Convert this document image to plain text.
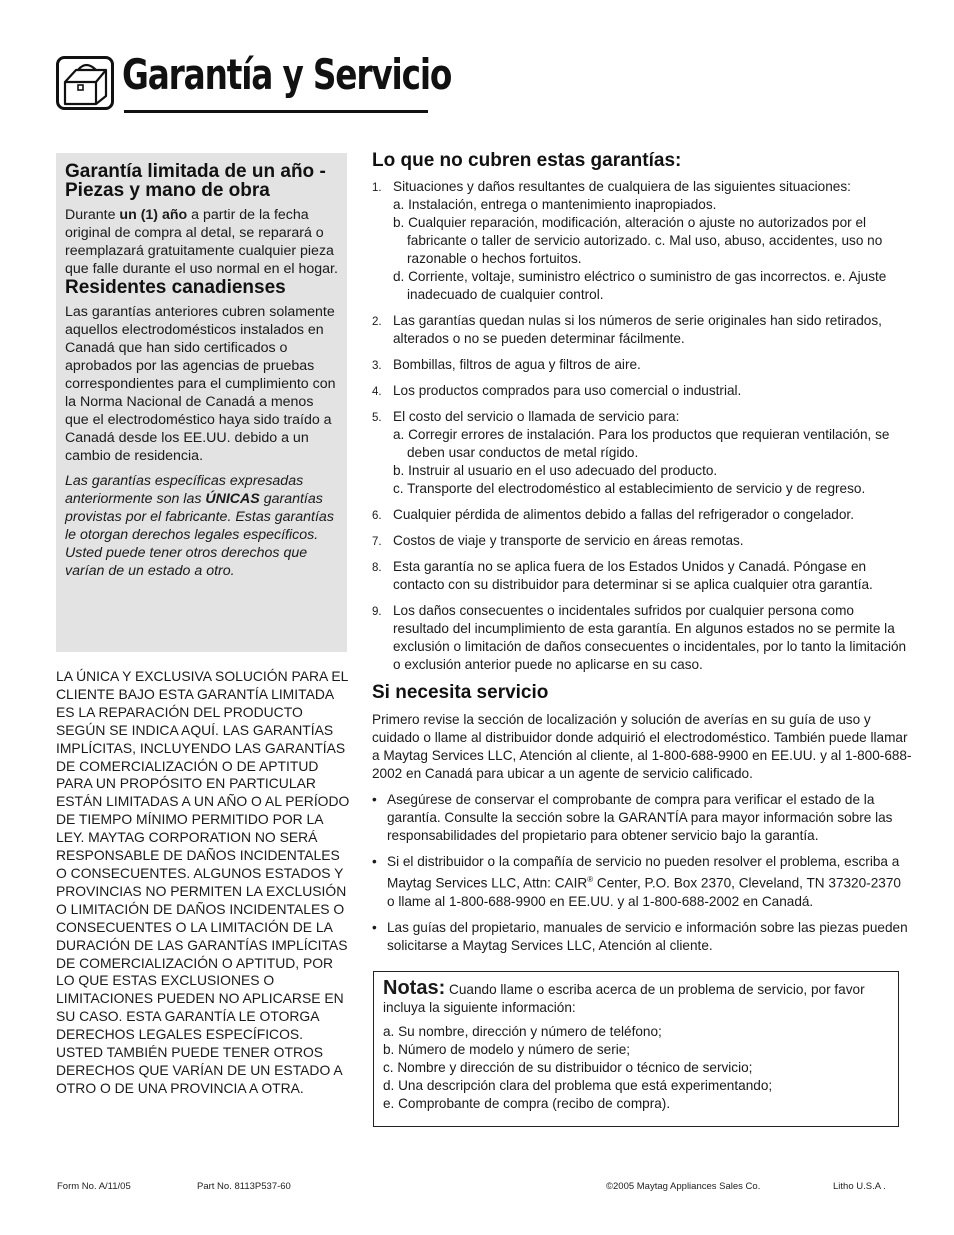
Garantía y Servicio
Garantía limitada de un año - Piezas y mano de obra

Durante un (1) año a partir de la fecha original de compra al detal, se reparará o reemplazará gratuitamente cualquier pieza que falle durante el uso normal en el hogar.

Residentes canadienses

Las garantías anteriores cubren solamente aquellos electrodomésticos instalados en Canadá que han sido certificados o aprobados por las agencias de pruebas correspondientes para el cumplimiento con la Norma Nacional de Canadá a menos que el electrodoméstico haya sido traído a Canadá desde los EE.UU. debido a un cambio de residencia.

Las garantías específicas expresadas anteriormente son las ÚNICAS garantías provistas por el fabricante. Estas garantías le otorgan derechos legales específicos. Usted puede tener otros derechos que varían de un estado a otro.

LA ÚNICA Y EXCLUSIVA SOLUCIÓN PARA EL CLIENTE BAJO ESTA GARANTÍA LIMITADA ES LA REPARACIÓN DEL PRODUCTO SEGÚN SE INDICA AQUÍ. LAS GARANTÍAS IMPLÍCITAS, INCLUYENDO LAS GARANTÍAS DE COMERCIALIZACIÓN O DE APTITUD PARA UN PROPÓSITO EN PARTICULAR ESTÁN LIMITADAS A UN AÑO O AL PERÍODO DE TIEMPO MÍNIMO PERMITIDO POR LA LEY. MAYTAG CORPORATION NO SERÁ RESPONSABLE DE DAÑOS INCIDENTALES O CONSECUENTES. ALGUNOS ESTADOS Y PROVINCIAS NO PERMITEN LA EXCLUSIÓN O LIMITACIÓN DE DAÑOS INCIDENTALES O CONSECUENTES O LA LIMITACIÓN DE LA DURACIÓN DE LAS GARANTÍAS IMPLÍCITAS DE COMERCIALIZACIÓN O APTITUD, POR LO QUE ESTAS EXCLUSIONES O LIMITACIONES PUEDEN NO APLICARSE EN SU CASO. ESTA GARANTÍA LE OTORGA DERECHOS LEGALES ESPECÍFICOS. USTED TAMBIÉN PUEDE TENER OTROS DERECHOS QUE VARÍAN DE UN ESTADO A OTRO O DE UNA PROVINCIA A OTRA.
Lo que no cubren estas garantías:
1. Situaciones y daños resultantes de cualquiera de las siguientes situaciones:
a. Instalación, entrega o mantenimiento inapropiados.
b. Cualquier reparación, modificación, alteración o ajuste no autorizados por el fabricante o taller de servicio autorizado. c. Mal uso, abuso, accidentes, uso no razonable o hechos fortuitos.
d. Corriente, voltaje, suministro eléctrico o suministro de gas incorrectos. e. Ajuste inadecuado de cualquier control.
2. Las garantías quedan nulas si los números de serie originales han sido retirados, alterados o no se pueden determinar fácilmente.
3. Bombillas, filtros de agua y filtros de aire.
4. Los productos comprados para uso comercial o industrial.
5. El costo del servicio o llamada de servicio para:
a. Corregir errores de instalación. Para los productos que requieran ventilación, se deben usar conductos de metal rígido.
b. Instruir al usuario en el uso adecuado del producto.
c. Transporte del electrodoméstico al establecimiento de servicio y de regreso.
6. Cualquier pérdida de alimentos debido a fallas del refrigerador o congelador.
7. Costos de viaje y transporte de servicio en áreas remotas.
8. Esta garantía no se aplica fuera de los Estados Unidos y Canadá. Póngase en contacto con su distribuidor para determinar si se aplica cualquier otra garantía.
9. Los daños consecuentes o incidentales sufridos por cualquier persona como resultado del incumplimiento de esta garantía. En algunos estados no se permite la exclusión o limitación de daños consecuentes o incidentales, por lo tanto la limitación o exclusión anterior puede no aplicarse en su caso.
Si necesita servicio

Primero revise la sección de localización y solución de averías en su guía de uso y cuidado o llame al distribuidor donde adquirió el electrodoméstico. También puede llamar a Maytag Services LLC, Atención al cliente, al 1-800-688-9900 en EE.UU. y al 1-800-688-2002 en Canadá para ubicar a un agente de servicio calificado.

• Asegúrese de conservar el comprobante de compra para verificar el estado de la garantía. Consulte la sección sobre la GARANTÍA para mayor información sobre las responsabilidades del propietario para obtener servicio bajo la garantía.
• Si el distribuidor o la compañía de servicio no pueden resolver el problema, escriba a Maytag Services LLC, Attn: CAIR® Center, P.O. Box 2370, Cleveland, TN 37320-2370 o llame al 1-800-688-9900 en EE.UU. y al 1-800-688-2002 en Canadá.
• Las guías del propietario, manuales de servicio e información sobre las piezas pueden solicitarse a Maytag Services LLC, Atención al cliente.
Notas: Cuando llame o escriba acerca de un problema de servicio, por favor incluya la siguiente información:
a. Su nombre, dirección y número de teléfono;
b. Número de modelo y número de serie;
c. Nombre y dirección de su distribuidor o técnico de servicio;
d. Una descripción clara del problema que está experimentando;
e. Comprobante de compra (recibo de compra).
Form No. A/11/05	Part No. 8113P537-60	©2005 Maytag Appliances Sales Co.	Litho U.S.A .
